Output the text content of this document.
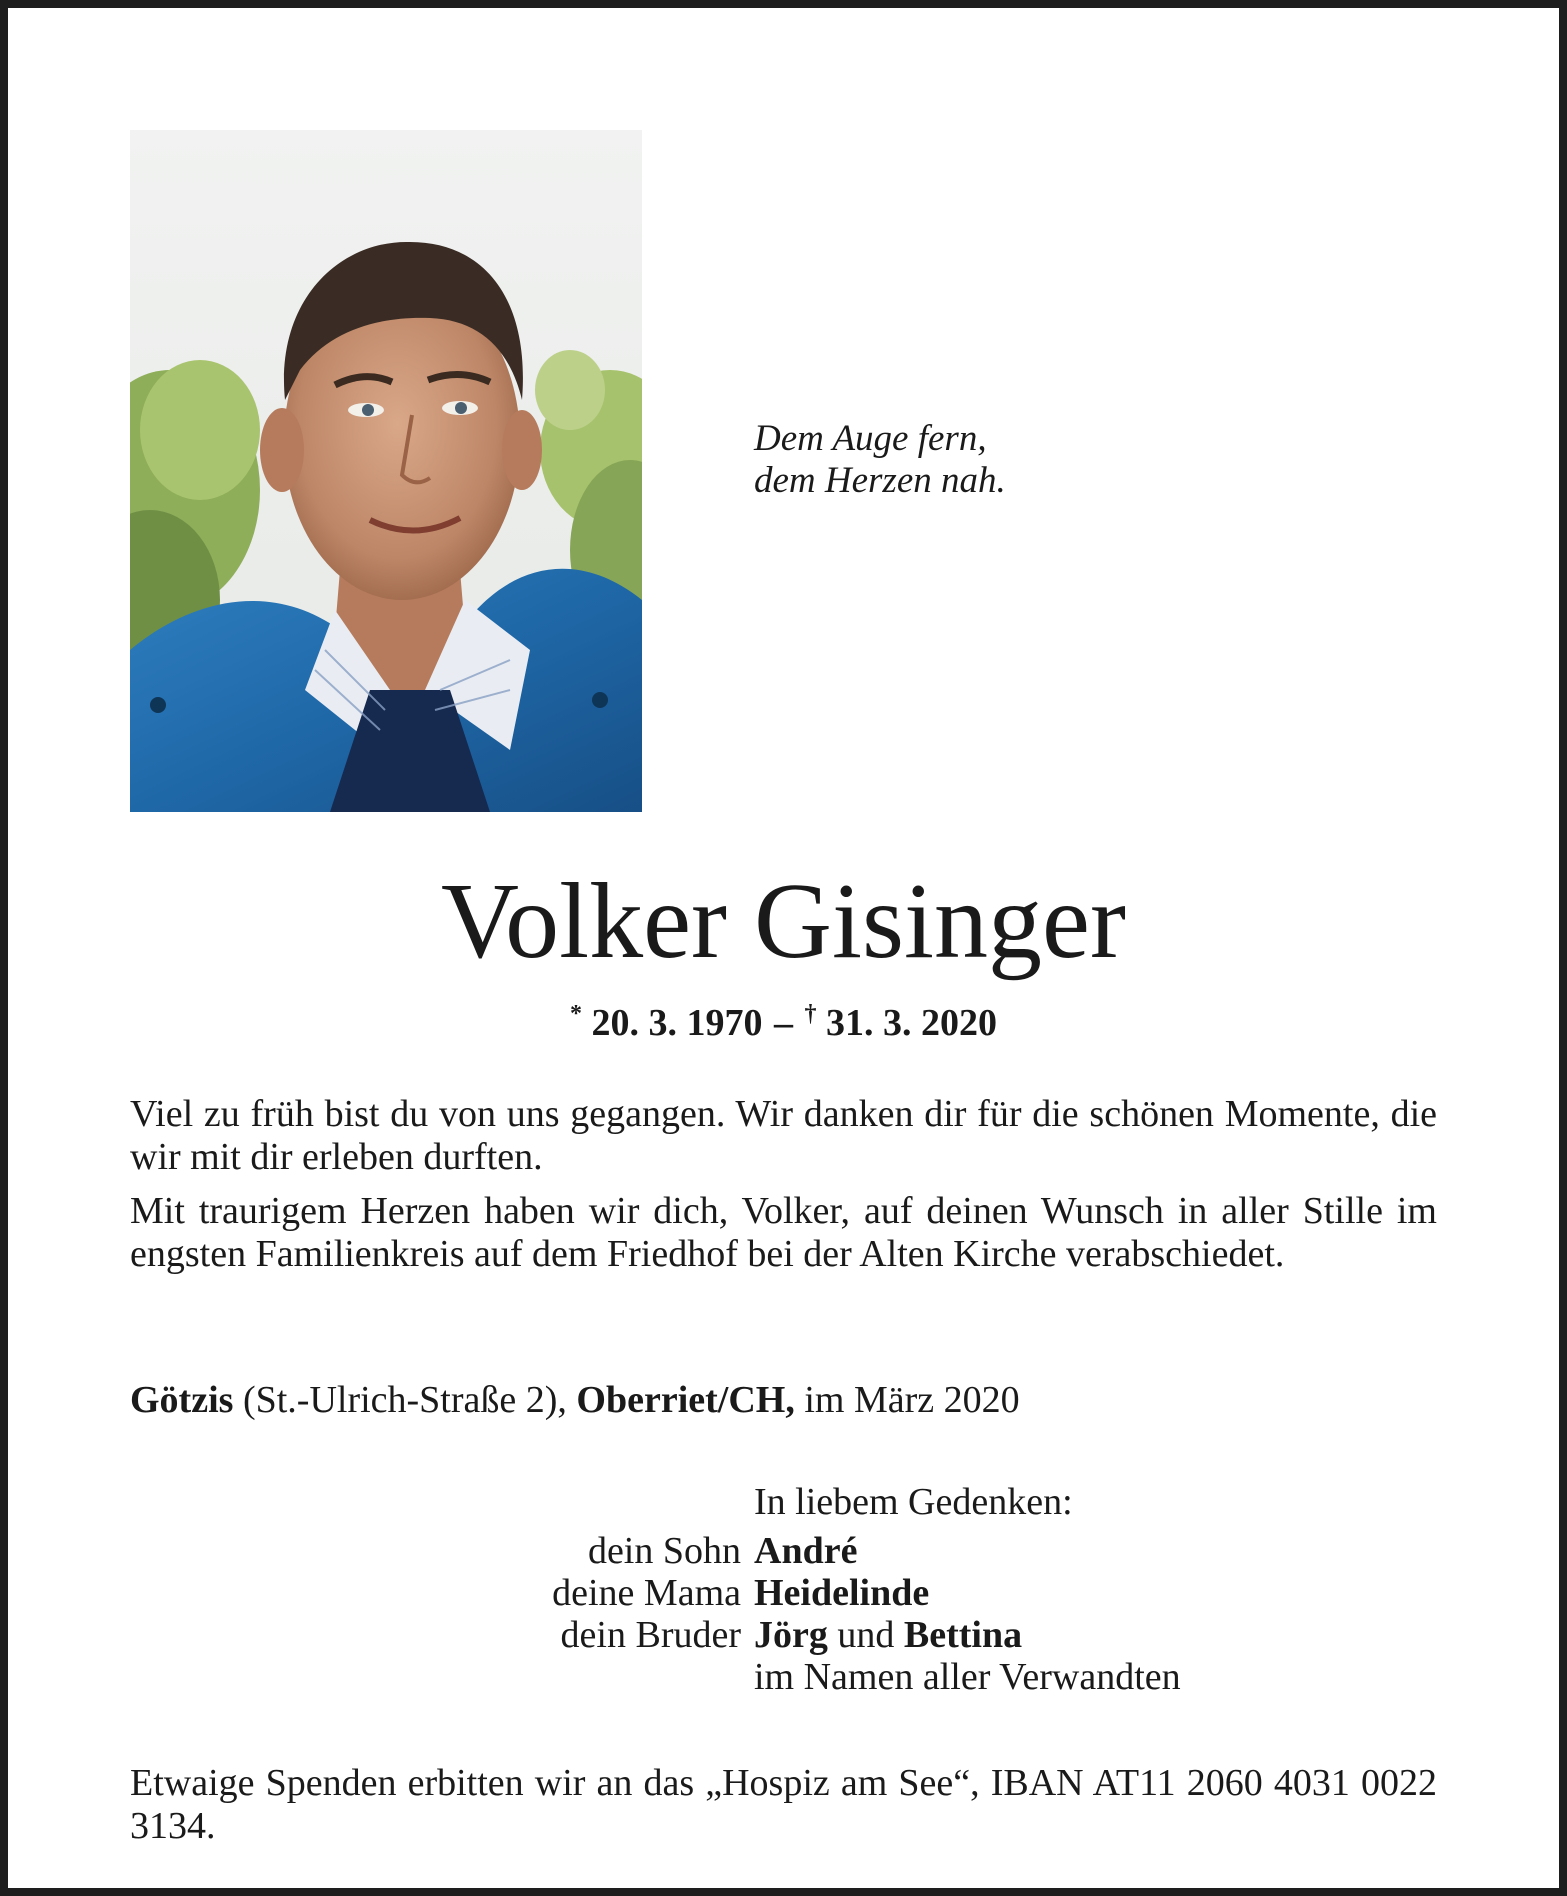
Dem Auge fern,
dem Herzen nah.
Volker Gisinger
* 20. 3. 1970 – † 31. 3. 2020
Viel zu früh bist du von uns gegangen. Wir danken dir für die schönen Momente, die wir mit dir erleben durften.
Mit traurigem Herzen haben wir dich, Volker, auf deinen Wunsch in aller Stille im engsten Familienkreis auf dem Friedhof bei der Alten Kirche verabschiedet.
Götzis (St.-Ulrich-Straße 2), Oberriet/CH, im März 2020
In liebem Gedenken:
dein Sohn André
deine Mama Heidelinde
dein Bruder Jörg und Bettina
im Namen aller Verwandten
Etwaige Spenden erbitten wir an das „Hospiz am See“, IBAN AT11 2060 4031 0022 3134.
